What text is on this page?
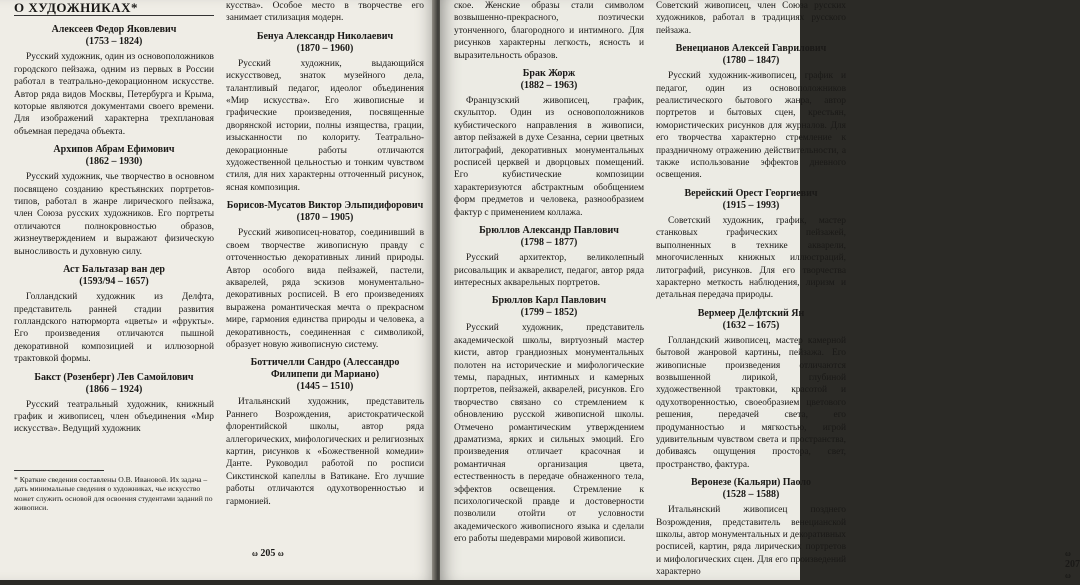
О ХУДОЖНИКАХ*

Алексеев Федор Яковлевич

(1753 – 1824)

Русский художник, один из основоположников городского пейзажа, одним из первых в России работал в театрально-декорационном искусстве. Автор ряда видов Москвы, Петербурга и Крыма, которые являются документами своего времени. Для изображений характерна трехплановая объемная передача объекта.

Архипов Абрам Ефимович

(1862 – 1930)

Русский художник, чье творчество в основном посвящено созданию крестьянских портретов-типов, работал в жанре лирического пейзажа, член Союза русских художников. Его портреты отличаются полнокровностью образов, жизнеутверждением и выражают физическую выносливость и духовную силу.

Аст Бальтазар ван дер

(1593/94 – 1657)

Голландский художник из Делфта, представитель ранней стадии развития голландского натюрморта «цветы» и «фрукты». Его произведения отличаются пышной декоративной композицией и иллюзорной трактовкой формы.

Бакст (Розенберг) Лев Самойлович

(1866 – 1924)

Русский театральный художник, книжный график и живописец, член объединения «Мир искусства». Ведущий художник

кусства». Особое место в творчестве его занимает стилизация модерн.

Бенуа Александр Николаевич

(1870 – 1960)

Русский художник, выдающийся искусствовед, знаток музейного дела, талантливый педагог, идеолог объединения «Мир искусства». Его живописные и графические произведения, посвященные дворянской истории, полны изящества, грации, изысканности по колориту. Театрально-декорационные работы отличаются художественной цельностью и тонким чувством стиля, для них характерны отточенный рисунок, ясная композиция.

Борисов-Мусатов Виктор Эльпидифорович

(1870 – 1905)

Русский живописец-новатор, соединивший в своем творчестве живописную правду с отточенностью декоративных линий природы. Автор особого вида пейзажей, пастели, акварелей, ряда эскизов монументально-декоративных росписей. В его произведениях выражена романтическая мечта о прекрасном мире, гармония единства природы и человека, а декоративность, соединенная с символикой, образует новую живописную систему.

Боттичелли Сандро (Алессандро Филипепи ди Мариано)

(1445 – 1510)

Итальянский художник, представитель Раннего Возрождения, аристократической флорентийской школы, автор ряда аллегорических, мифологических и религиозных картин, рисунков к «Божественной комедии» Данте. Руководил работой по росписи Сикстинской капеллы в Ватикане. Его лучшие работы отличаются одухотворенностью и гармонией.

* Краткие сведения составлены О.В. Ивановой. Их задача – дать минимальные сведения о художниках, чье искусство может служить основой для освоения студентами заданий по живописи.
ω 205 ω

ское. Женские образы стали символом возвышенно-прекрасного, поэтически утонченного, благородного и интимного. Для рисунков характерны легкость, ясность и выразительность образов.

Брак Жорж

(1882 – 1963)

Французский живописец, график, скульптор. Один из основоположников кубистического направления в живописи, автор пейзажей в духе Сезанна, серии цветных литографий, декоративных монументальных росписей церквей и дворцовых помещений. Его кубистические композиции характеризуются абстрактным обобщением форм предметов и человека, разнообразием фактур с применением коллажа.

Брюллов Александр Павлович

(1798 – 1877)

Русский архитектор, великолепный рисовальщик и акварелист, педагог, автор ряда интересных акварельных портретов.

Брюллов Карл Павлович

(1799 – 1852)

Русский художник, представитель академической школы, виртуозный мастер кисти, автор грандиозных монументальных полотен на исторические и мифологические темы, парадных, интимных и камерных портретов, пейзажей, акварелей, рисунков. Его творчество связано со стремлением к обновлению русской живописной школы. Отмечено романтическим утверждением драматизма, ярких и сильных эмоций. Его произведения отличает красочная и романтичная организация цвета, естественность в передаче обнаженного тела, эффектов освещения. Стремление к психологической правде и достоверности позволили отойти от условности академического живописного языка и сделали его работы шедеврами мировой живописи.

Советский живописец, член Союза русских художников, работал в традициях русского пейзажа.

Венецианов Алексей Гаврилович

(1780 – 1847)

Русский художник-живописец, график и педагог, один из основоположников реалистического бытового жанра, автор портретов и бытовых сцен, крестьян, юмористических рисунков для журналов. Для его творчества характерно стремление к праздничному отражению действительности, а также использование эффектов дневного освещения.

Верейский Орест Георгиевич

(1915 – 1993)

Советский художник, график, мастер станковых графических пейзажей, выполненных в технике акварели, многочисленных книжных иллюстраций, литографий, рисунков. Для его творчества характерно меткость наблюдения, лиризм и детальная передача природы.

Вермеер Делфтский Ян

(1632 – 1675)

Голландский живописец, мастер камерной бытовой жанровой картины, пейзажа. Его живописные произведения отличаются возвышенной лирикой, глубиной художественной трактовки, красотой и одухотворенностью, своеобразием цветового решения, передачей света, его продуманностью и мягкостью, игрой удивительным чувством света и пространства, добиваясь ощущения простора, свет, пространство, фактура.

Веронезе (Кальяри) Паоло

(1528 – 1588)

Итальянский живописец позднего Возрождения, представитель венецианской школы, автор монументальных и декоративных росписей, картин, ряда лирических портретов и мифологических сцен. Для его произведений характерно

ω 207 ω
